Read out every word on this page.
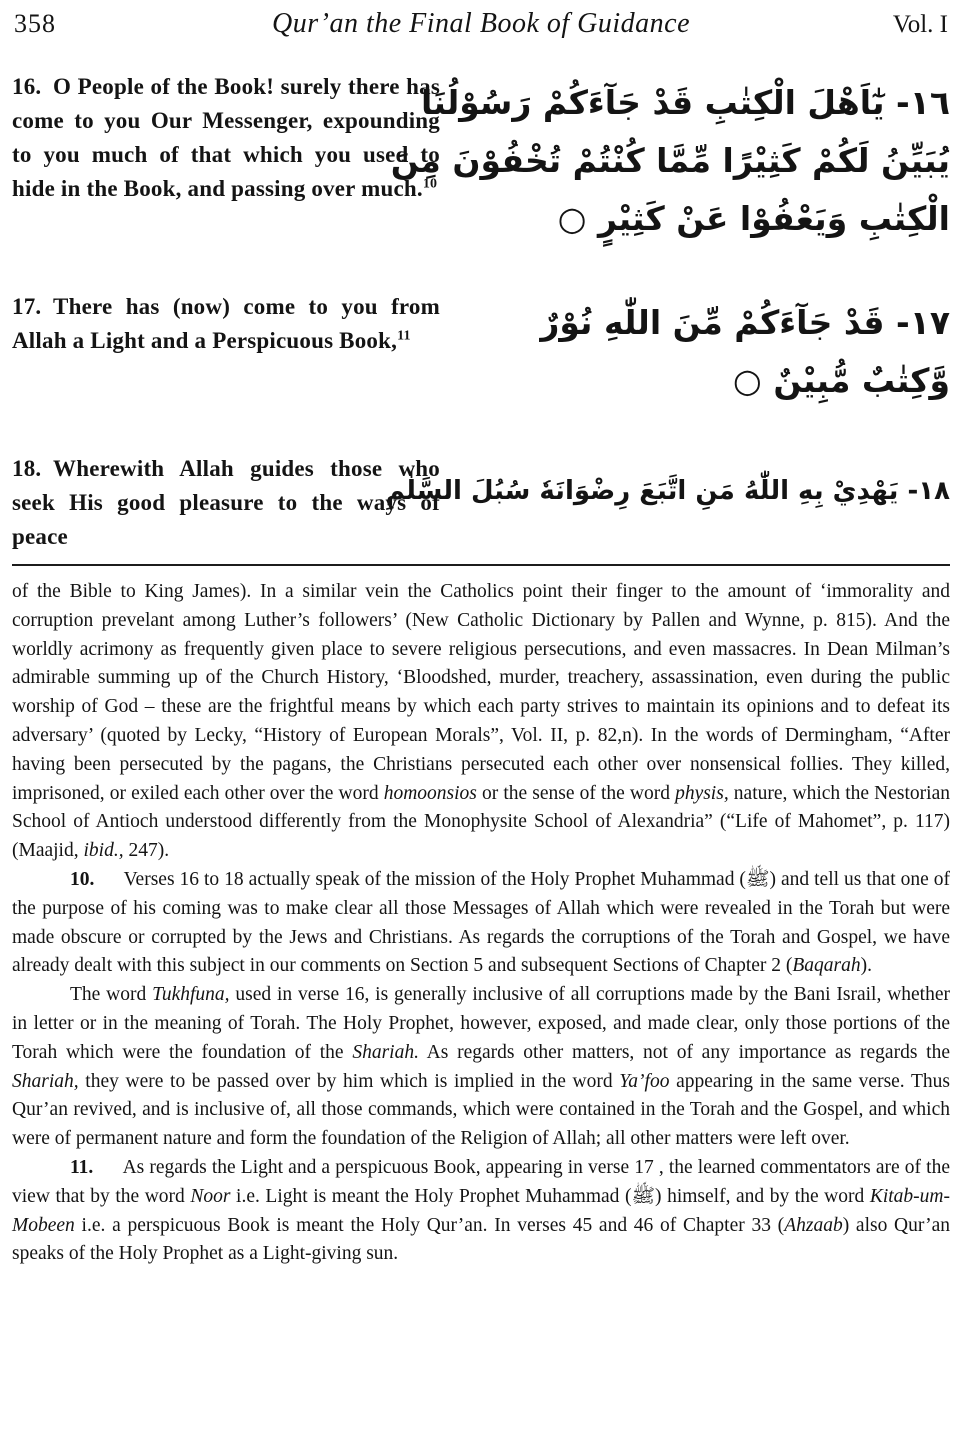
358	Qur’an the Final Book of Guidance	Vol. I
16. O People of the Book! surely there has come to you Our Messenger, expounding to you much of that which you used to hide in the Book, and passing over much.$^{10}$
١٦- يٰٓاَهْلَ الْكِتٰبِ قَدْ جَآءَكُمْ رَسُوْلُنَا
يُبَيِّنُ لَكُمْ كَثِيْرًا مِّمَّا كُنْتُمْ تُخْفُوْنَ مِنَ
الْكِتٰبِ وَيَعْفُوْا عَنْ كَثِيْرٍ ○
17. There has (now) come to you from Allah a Light and a Perspicuous Book,$^{11}$	١٧- قَدْ جَآءَكُمْ مِّنَ اللّٰهِ نُوْرٌ
وَّكِتٰبٌ مُّبِيْنٌ ○
18. Wherewith Allah guides those who seek His good pleasure to the ways of peace
١٨- يَهْدِيْ بِهِ اللّٰهُ مَنِ اتَّبَعَ رِضْوَانَهٗ سُبُلَ السَّلٰمِ

of the Bible to King James). In a similar vein the Catholics point their finger to the amount of ‘immorality and corruption prevelant among Luther’s followers’ (New Catholic Dictionary by Pallen and Wynne, p. 815). And the worldly acrimony as frequently given place to severe religious persecutions, and even massacres. In Dean Milman’s admirable summing up of the Church History, ‘Bloodshed, murder, treachery, assassination, even during the public worship of God – these are the frightful means by which each party strives to maintain its opinions and to defeat its adversary’ (quoted by Lecky, “History of European Morals”, Vol. II, p. 82,n). In the words of Dermingham, “After having been persecuted by the pagans, the Christians persecuted each other over nonsensical follies. They killed, imprisoned, or exiled each other over the word homoonsios or the sense of the word physis, nature, which the Nestorian School of Antioch understood differently from the Monophysite School of Alexandria” (“Life of Mahomet”, p. 117) (Maajid, ibid., 247).

10.  Verses 16 to 18 actually speak of the mission of the Holy Prophet Muhammad (ﷺ) and tell us that one of the purpose of his coming was to make clear all those Messages of Allah which were revealed in the Torah but were made obscure or corrupted by the Jews and Christians. As regards the corruptions of the Torah and Gospel, we have already dealt with this subject in our comments on Section 5 and subsequent Sections of Chapter 2 (Baqarah).

The word Tukhfuna, used in verse 16, is generally inclusive of all corruptions made by the Bani Israil, whether in letter or in the meaning of Torah. The Holy Prophet, however, exposed, and made clear, only those portions of the Torah which were the foundation of the Shariah. As regards other matters, not of any importance as regards the Shariah, they were to be passed over by him which is implied in the word Ya’foo appearing in the same verse. Thus Qur’an revived, and is inclusive of, all those commands, which were contained in the Torah and the Gospel, and which were of permanent nature and form the foundation of the Religion of Allah; all other matters were left over.

11.  As regards the Light and a perspicuous Book, appearing in verse 17 , the learned commentators are of the view that by the word Noor i.e. Light is meant the Holy Prophet Muhammad (ﷺ) himself, and by the word Kitab-um-Mobeen i.e. a perspicuous Book is meant the Holy Qur’an. In verses 45 and 46 of Chapter 33 (Ahzaab) also Qur’an speaks of the Holy Prophet as a Light-giving sun.
